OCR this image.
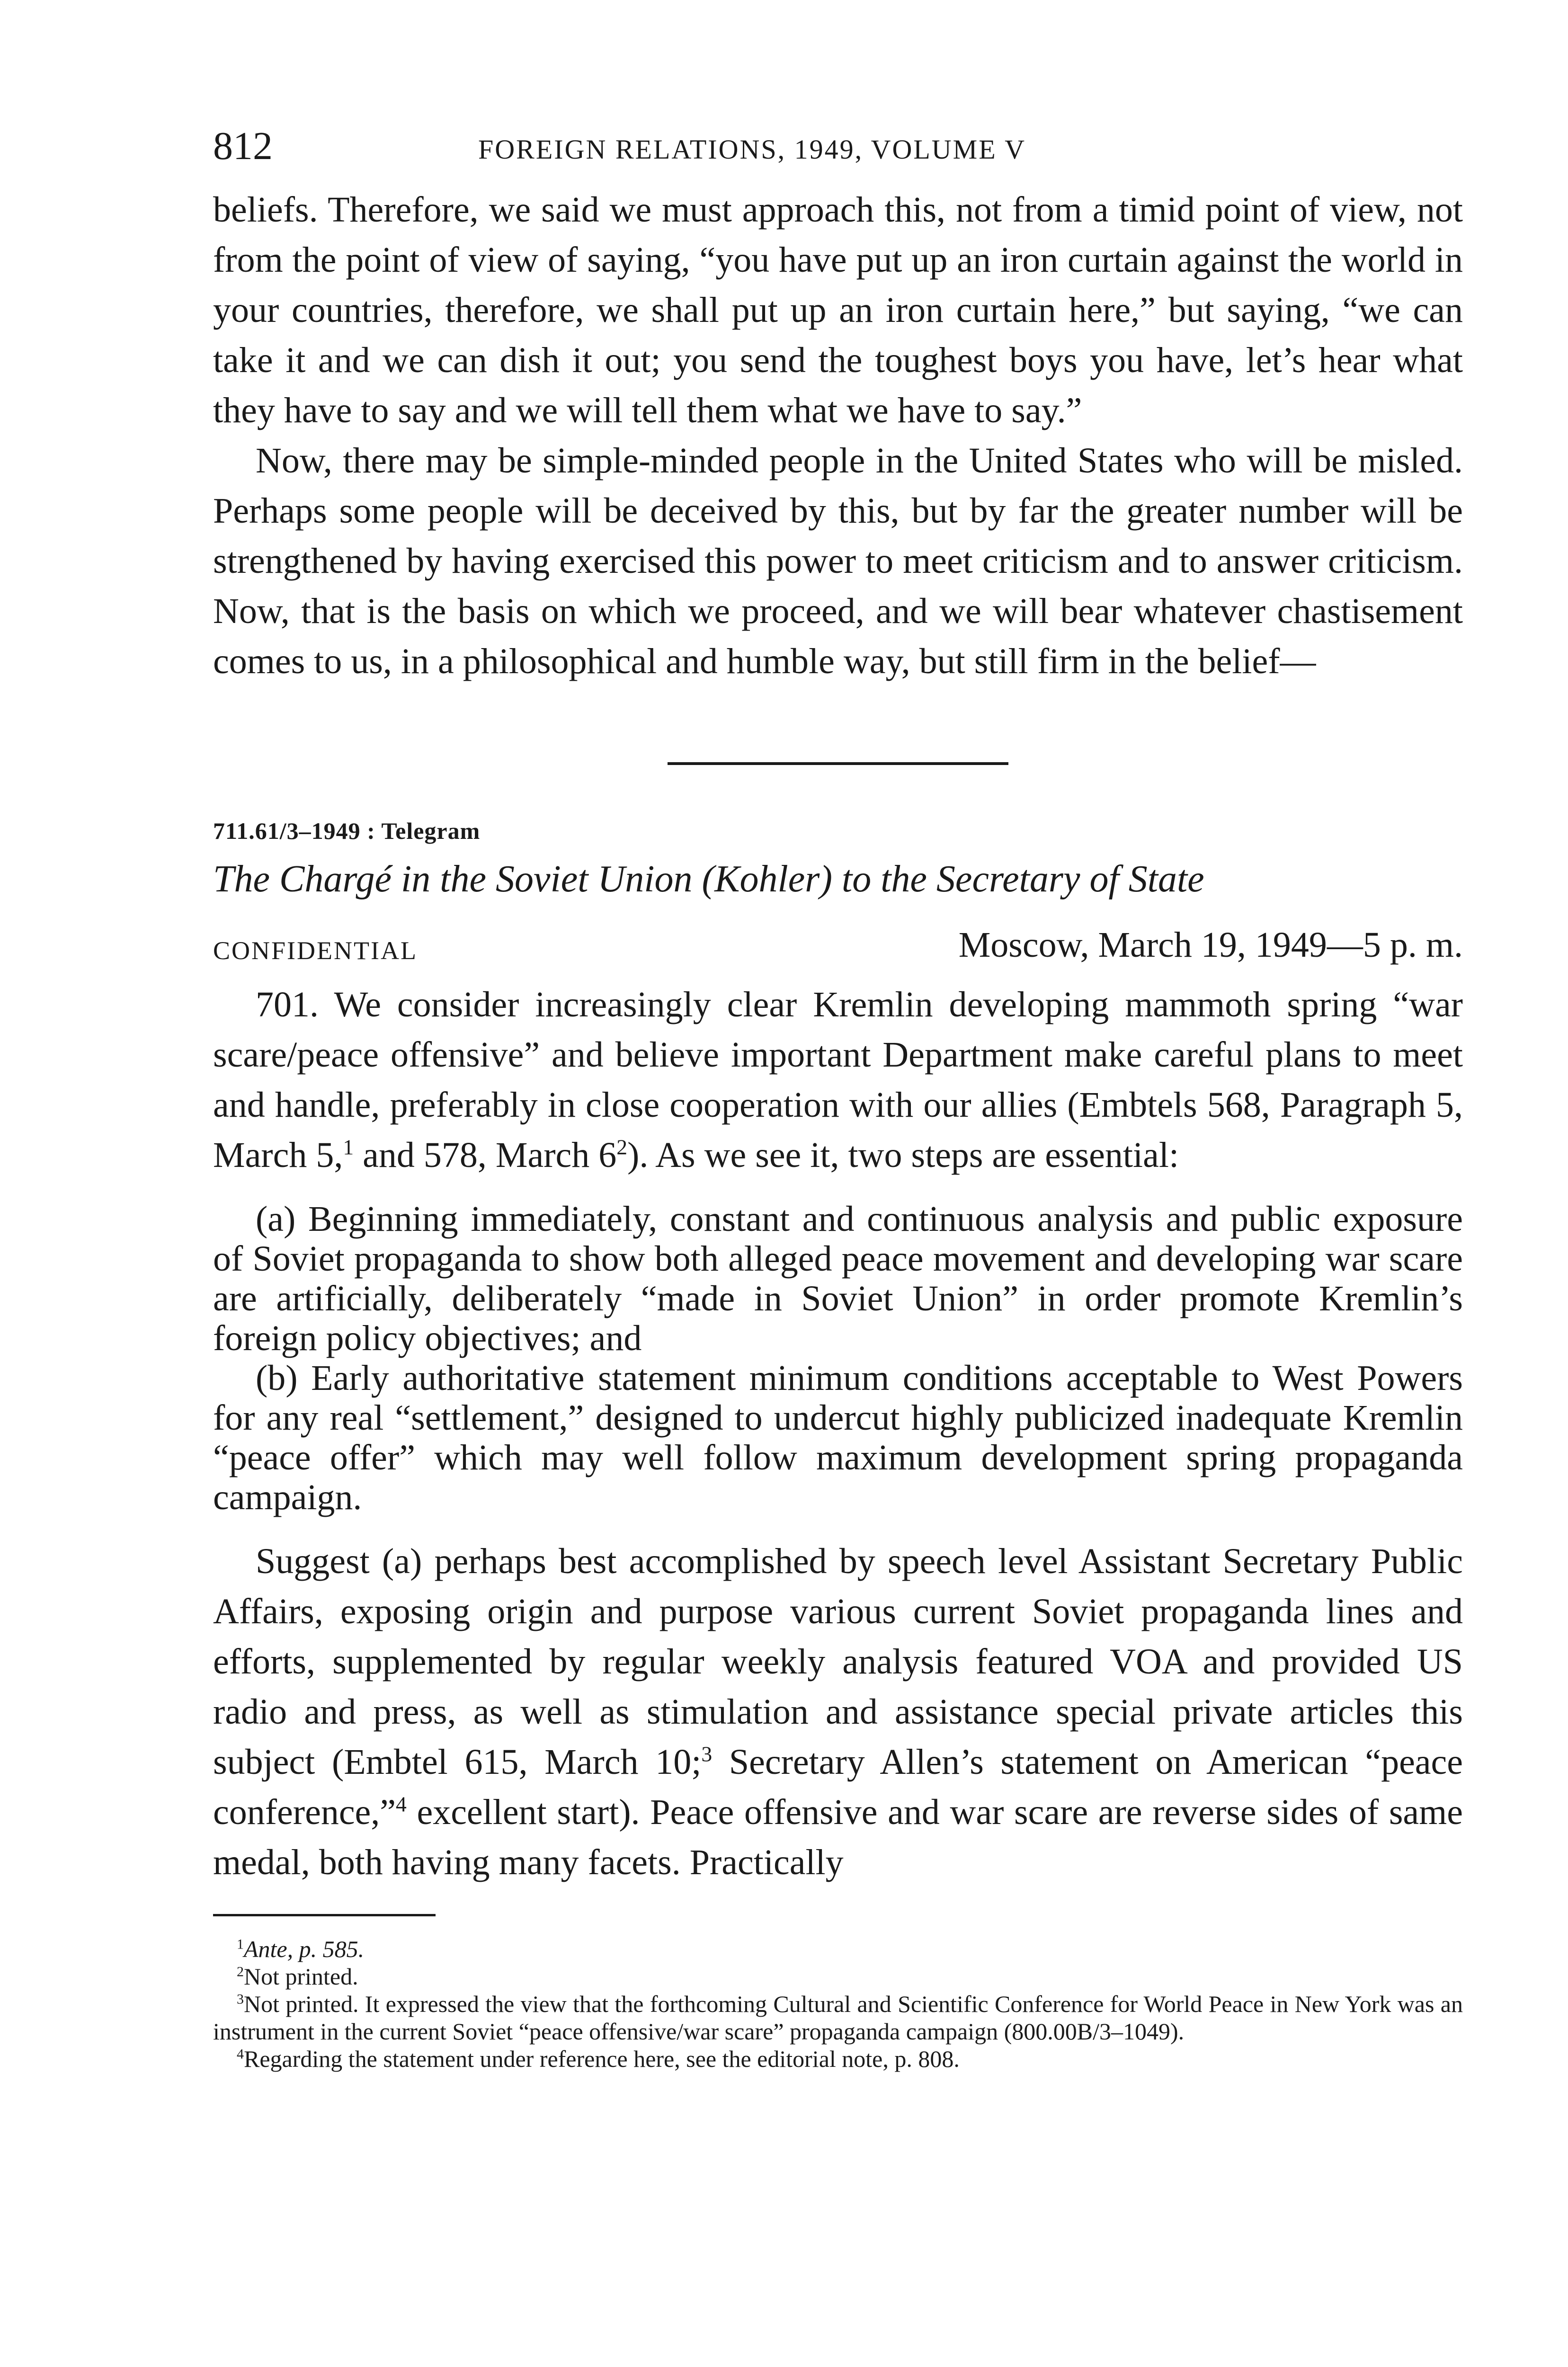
812	FOREIGN RELATIONS, 1949, VOLUME V

beliefs. Therefore, we said we must approach this, not from a timid point of view, not from the point of view of saying, “you have put up an iron curtain against the world in your countries, therefore, we shall put up an iron curtain here,” but saying, “we can take it and we can dish it out; you send the toughest boys you have, let’s hear what they have to say and we will tell them what we have to say.”

Now, there may be simple-minded people in the United States who will be misled. Perhaps some people will be deceived by this, but by far the greater number will be strengthened by having exercised this power to meet criticism and to answer criticism. Now, that is the basis on which we proceed, and we will bear whatever chastisement comes to us, in a philosophical and humble way, but still firm in the belief—

711.61/3–1949 : Telegram

The Chargé in the Soviet Union (Kohler) to the Secretary of State

CONFIDENTIAL	Moscow, March 19, 1949—5 p. m.

701. We consider increasingly clear Kremlin developing mammoth spring “war scare/peace offensive” and believe important Department make careful plans to meet and handle, preferably in close cooperation with our allies (Embtels 568, Paragraph 5, March 5,$^1$ and 578, March $6^2$). As we see it, two steps are essential:

(a) Beginning immediately, constant and continuous analysis and public exposure of Soviet propaganda to show both alleged peace movement and developing war scare are artificially, deliberately “made in Soviet Union” in order promote Kremlin’s foreign policy objectives; and

(b) Early authoritative statement minimum conditions acceptable to West Powers for any real “settlement,” designed to undercut highly publicized inadequate Kremlin “peace offer” which may well follow maximum development spring propaganda campaign.

Suggest (a) perhaps best accomplished by speech level Assistant Secretary Public Affairs, exposing origin and purpose various current Soviet propaganda lines and efforts, supplemented by regular weekly analysis featured VOA and provided US radio and press, as well as stimulation and assistance special private articles this subject (Embtel 615, March 10;$^3$ Secretary Allen’s statement on American “peace conference,”$^4$ excellent start). Peace offensive and war scare are reverse sides of same medal, both having many facets. Practically

$^1$Ante, p. 585.

$^2$Not printed.

$^3$Not printed. It expressed the view that the forthcoming Cultural and Scientific Conference for World Peace in New York was an instrument in the current Soviet “peace offensive/war scare” propaganda campaign (800.00B/3–1049).

$^4$Regarding the statement under reference here, see the editorial note, p. 808.
